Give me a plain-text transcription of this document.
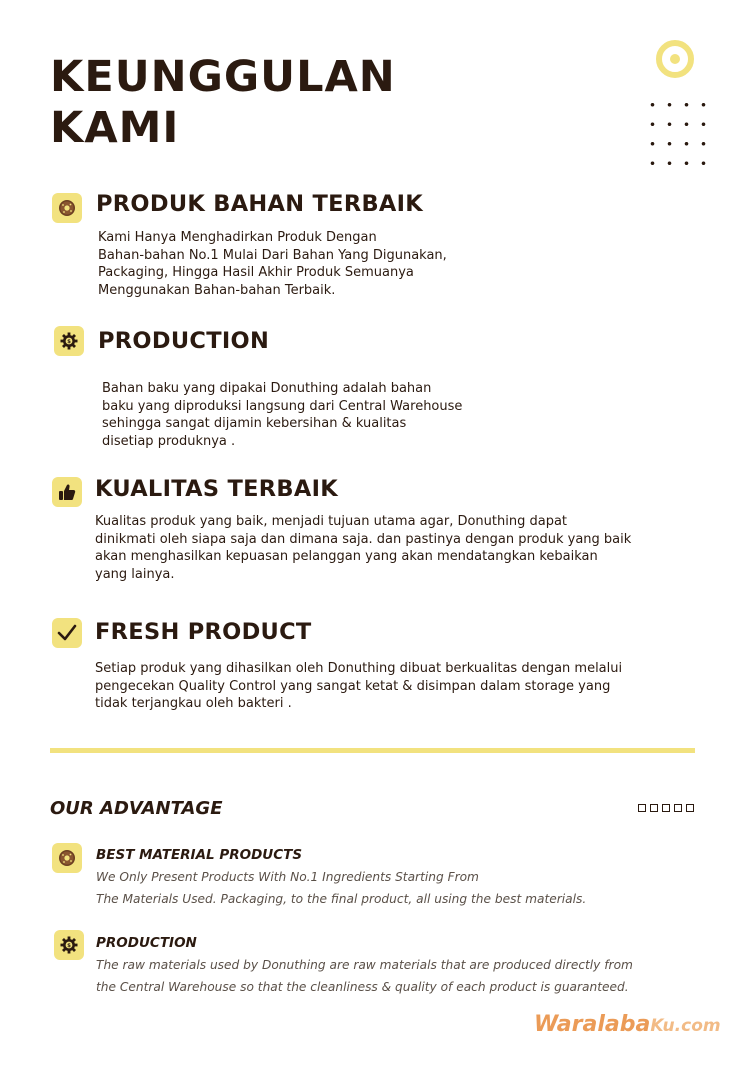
KEUNGGULAN
KAMI
PRODUK BAHAN TERBAIK
Kami Hanya Menghadirkan Produk Dengan
Bahan-bahan No.1 Mulai Dari Bahan Yang Digunakan,
Packaging, Hingga Hasil Akhir Produk Semuanya
Menggunakan Bahan-bahan Terbaik.
$ PRODUCTION
Bahan baku yang dipakai Donuthing adalah bahan
baku yang diproduksi langsung dari Central Warehouse
sehingga sangat dijamin kebersihan & kualitas
disetiap produknya .
KUALITAS TERBAIK
Kualitas produk yang baik, menjadi tujuan utama agar, Donuthing dapat
dinikmati oleh siapa saja dan dimana saja. dan pastinya dengan produk yang baik
akan menghasilkan kepuasan pelanggan yang akan mendatangkan kebaikan
yang lainya.
FRESH PRODUCT
Setiap produk yang dihasilkan oleh Donuthing dibuat berkualitas dengan melalui
pengecekan Quality Control yang sangat ketat & disimpan dalam storage yang
tidak terjangkau oleh bakteri .
OUR ADVANTAGE
BEST MATERIAL PRODUCTS
We Only Present Products With No.1 Ingredients Starting From
The Materials Used. Packaging, to the final product, all using the best materials.
$ PRODUCTION
The raw materials used by Donuthing are raw materials that are produced directly from
the Central Warehouse so that the cleanliness & quality of each product is guaranteed.
WaralabaKu.com
